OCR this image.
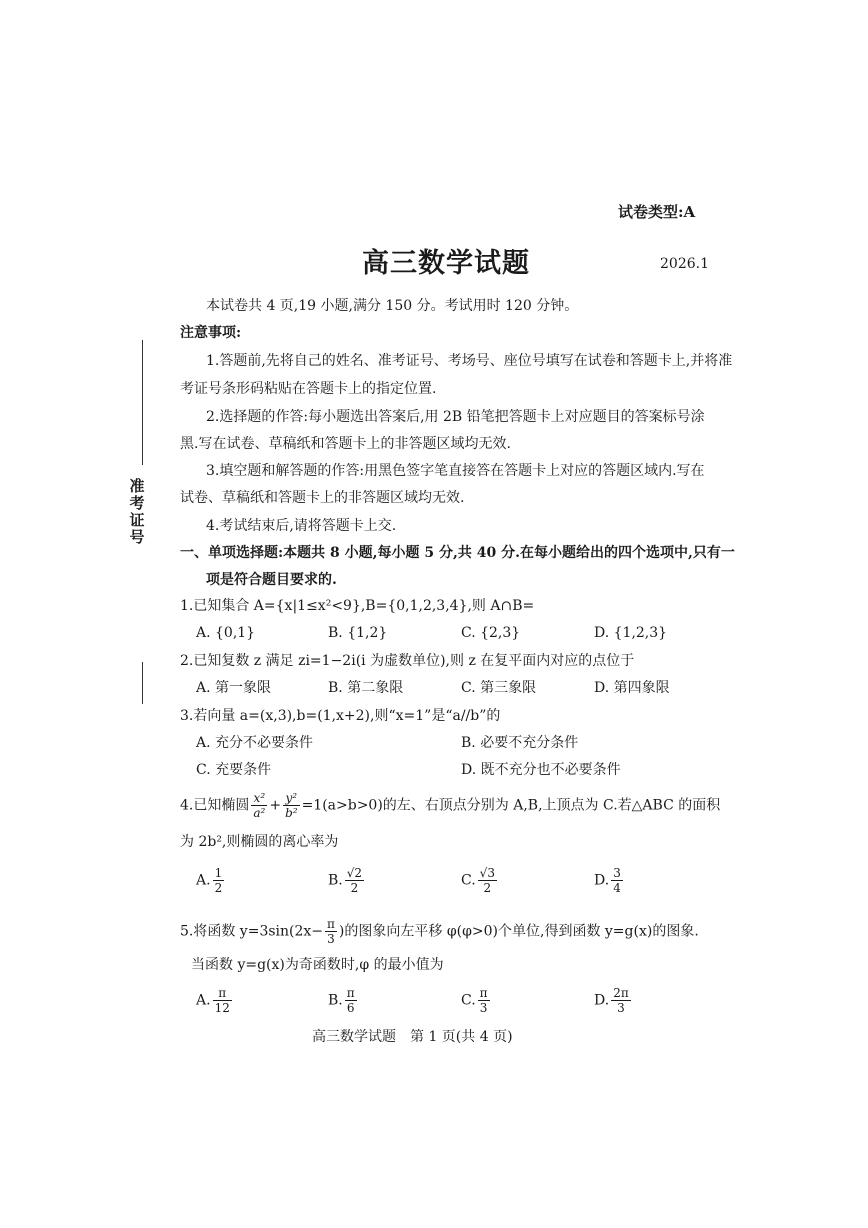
试卷类型:A
高三数学试题	2026.1
准考证号
本试卷共 4 页,19 小题,满分 150 分。考试用时 120 分钟。
注意事项:
1.答题前,先将自己的姓名、准考证号、考场号、座位号填写在试卷和答题卡上,并将准
考证号条形码粘贴在答题卡上的指定位置.
2.选择题的作答:每小题选出答案后,用 2B 铅笔把答题卡上对应题目的答案标号涂
黑.写在试卷、草稿纸和答题卡上的非答题区域均无效.
3.填空题和解答题的作答:用黑色签字笔直接答在答题卡上对应的答题区域内.写在
试卷、草稿纸和答题卡上的非答题区域均无效.
4.考试结束后,请将答题卡上交.
一、单项选择题:本题共 8 小题,每小题 5 分,共 40 分.在每小题给出的四个选项中,只有一
项是符合题目要求的.
1.已知集合 A={x|1≤x²<9},B={0,1,2,3,4},则 A∩B=
A. {0,1}	B. {1,2}	C. {2,3}	D. {1,2,3}
2.已知复数 z 满足 zi=1−2i(i 为虚数单位),则 z 在复平面内对应的点位于
A. 第一象限	B. 第二象限	C. 第三象限	D. 第四象限
3.若向量 a=(x,3),b=(1,x+2),则“x=1”是“a//b”的
A. 充分不必要条件	B. 必要不充分条件
C. 充要条件	D. 既不充分也不必要条件
4.已知椭圆 $\frac{\text{x²}}{\text{a²}} + \frac{\text{y²}}{\text{b²}} =1(a>b>0)$的左、右顶点分别为 A,B,上顶点为 C.若△ABC 的面积
为 2b²,则椭圆的离心率为
A. $\frac{1}{2}$	B. $\frac{√2}{2}$	C. $\frac{√3}{2}$	D. $\frac{3}{4}$
5.将函数 $y=3\sin(2x- \frac{\pi}{3}$ )的图象向左平移 φ(φ>0)个单位,得到函数 y=g(x)的图象.
当函数 y=g(x)为奇函数时,φ 的最小值为
A. $\frac{\pi}{12}$	B. $\frac{\pi}{6}$	C. $\frac{\pi}{3}$	D. $\frac{2\pi}{3}$
高三数学试题　第 1 页(共 4 页)
